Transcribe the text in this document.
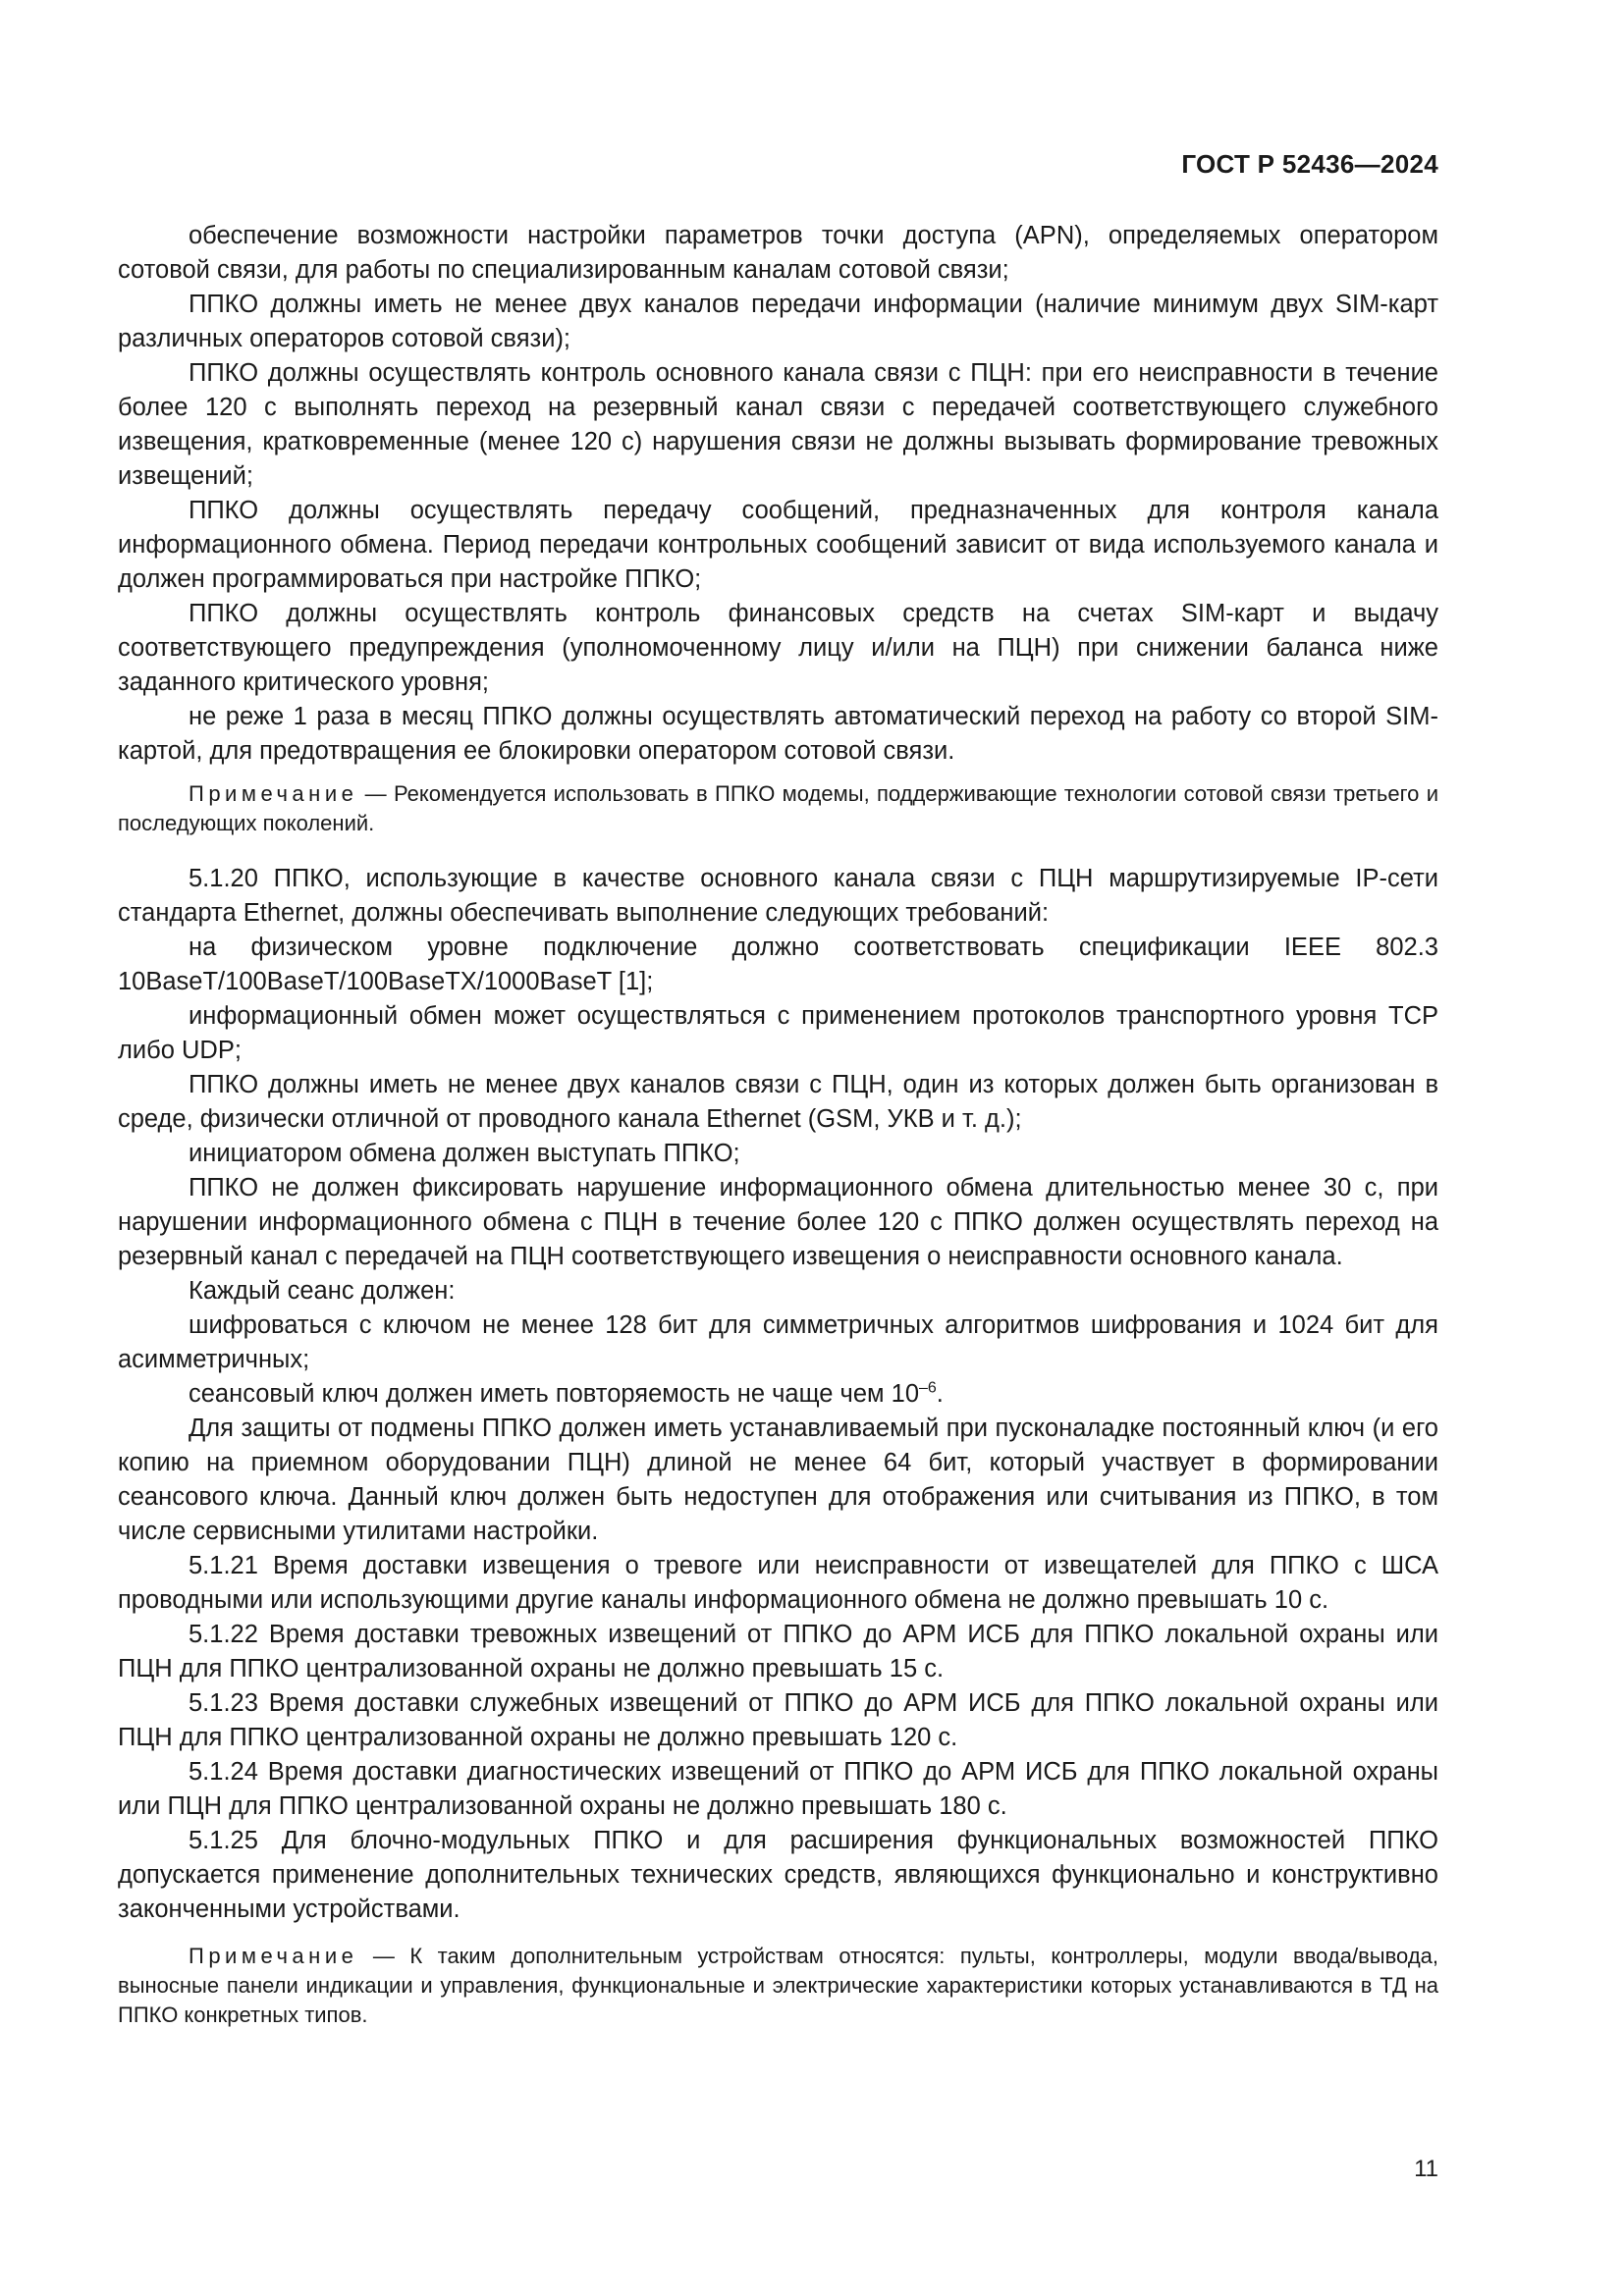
ГОСТ Р 52436—2024

обеспечение возможности настройки параметров точки доступа (APN), определяемых оператором сотовой связи, для работы по специализированным каналам сотовой связи;

ППКО должны иметь не менее двух каналов передачи информации (наличие минимум двух SIM-карт различных операторов сотовой связи);

ППКО должны осуществлять контроль основного канала связи с ПЦН: при его неисправности в течение более 120 с выполнять переход на резервный канал связи с передачей соответствующего служебного извещения, кратковременные (менее 120 с) нарушения связи не должны вызывать формирование тревожных извещений;

ППКО должны осуществлять передачу сообщений, предназначенных для контроля канала информационного обмена. Период передачи контрольных сообщений зависит от вида используемого канала и должен программироваться при настройке ППКО;

ППКО должны осуществлять контроль финансовых средств на счетах SIM-карт и выдачу соответствующего предупреждения (уполномоченному лицу и/или на ПЦН) при снижении баланса ниже заданного критического уровня;

не реже 1 раза в месяц ППКО должны осуществлять автоматический переход на работу со второй SIM-картой, для предотвращения ее блокировки оператором сотовой связи.

Примечание — Рекомендуется использовать в ППКО модемы, поддерживающие технологии сотовой связи третьего и последующих поколений.

5.1.20 ППКО, использующие в качестве основного канала связи с ПЦН маршрутизируемые IP-сети стандарта Ethernet, должны обеспечивать выполнение следующих требований:

на физическом уровне подключение должно соответствовать спецификации IEEE 802.3 10BaseT/100BaseT/100BaseTX/1000BaseT [1];

информационный обмен может осуществляться с применением протоколов транспортного уровня TCP либо UDP;

ППКО должны иметь не менее двух каналов связи с ПЦН, один из которых должен быть организован в среде, физически отличной от проводного канала Ethernet (GSM, УКВ и т. д.);

инициатором обмена должен выступать ППКО;

ППКО не должен фиксировать нарушение информационного обмена длительностью менее 30 с, при нарушении информационного обмена с ПЦН в течение более 120 с ППКО должен осуществлять переход на резервный канал с передачей на ПЦН соответствующего извещения о неисправности основного канала.

Каждый сеанс должен:

шифроваться с ключом не менее 128 бит для симметричных алгоритмов шифрования и 1024 бит для асимметричных;

сеансовый ключ должен иметь повторяемость не чаще чем $10^{-6}$.

Для защиты от подмены ППКО должен иметь устанавливаемый при пусконаладке постоянный ключ (и его копию на приемном оборудовании ПЦН) длиной не менее 64 бит, который участвует в формировании сеансового ключа. Данный ключ должен быть недоступен для отображения или считывания из ППКО, в том числе сервисными утилитами настройки.

5.1.21 Время доставки извещения о тревоге или неисправности от извещателей для ППКО с ШСА проводными или использующими другие каналы информационного обмена не должно превышать 10 с.

5.1.22 Время доставки тревожных извещений от ППКО до АРМ ИСБ для ППКО локальной охраны или ПЦН для ППКО централизованной охраны не должно превышать 15 с.

5.1.23 Время доставки служебных извещений от ППКО до АРМ ИСБ для ППКО локальной охраны или ПЦН для ППКО централизованной охраны не должно превышать 120 с.

5.1.24 Время доставки диагностических извещений от ППКО до АРМ ИСБ для ППКО локальной охраны или ПЦН для ППКО централизованной охраны не должно превышать 180 с.

5.1.25 Для блочно-модульных ППКО и для расширения функциональных возможностей ППКО допускается применение дополнительных технических средств, являющихся функционально и конструктивно законченными устройствами.

Примечание — К таким дополнительным устройствам относятся: пульты, контроллеры, модули ввода/вывода, выносные панели индикации и управления, функциональные и электрические характеристики которых устанавливаются в ТД на ППКО конкретных типов.

11
